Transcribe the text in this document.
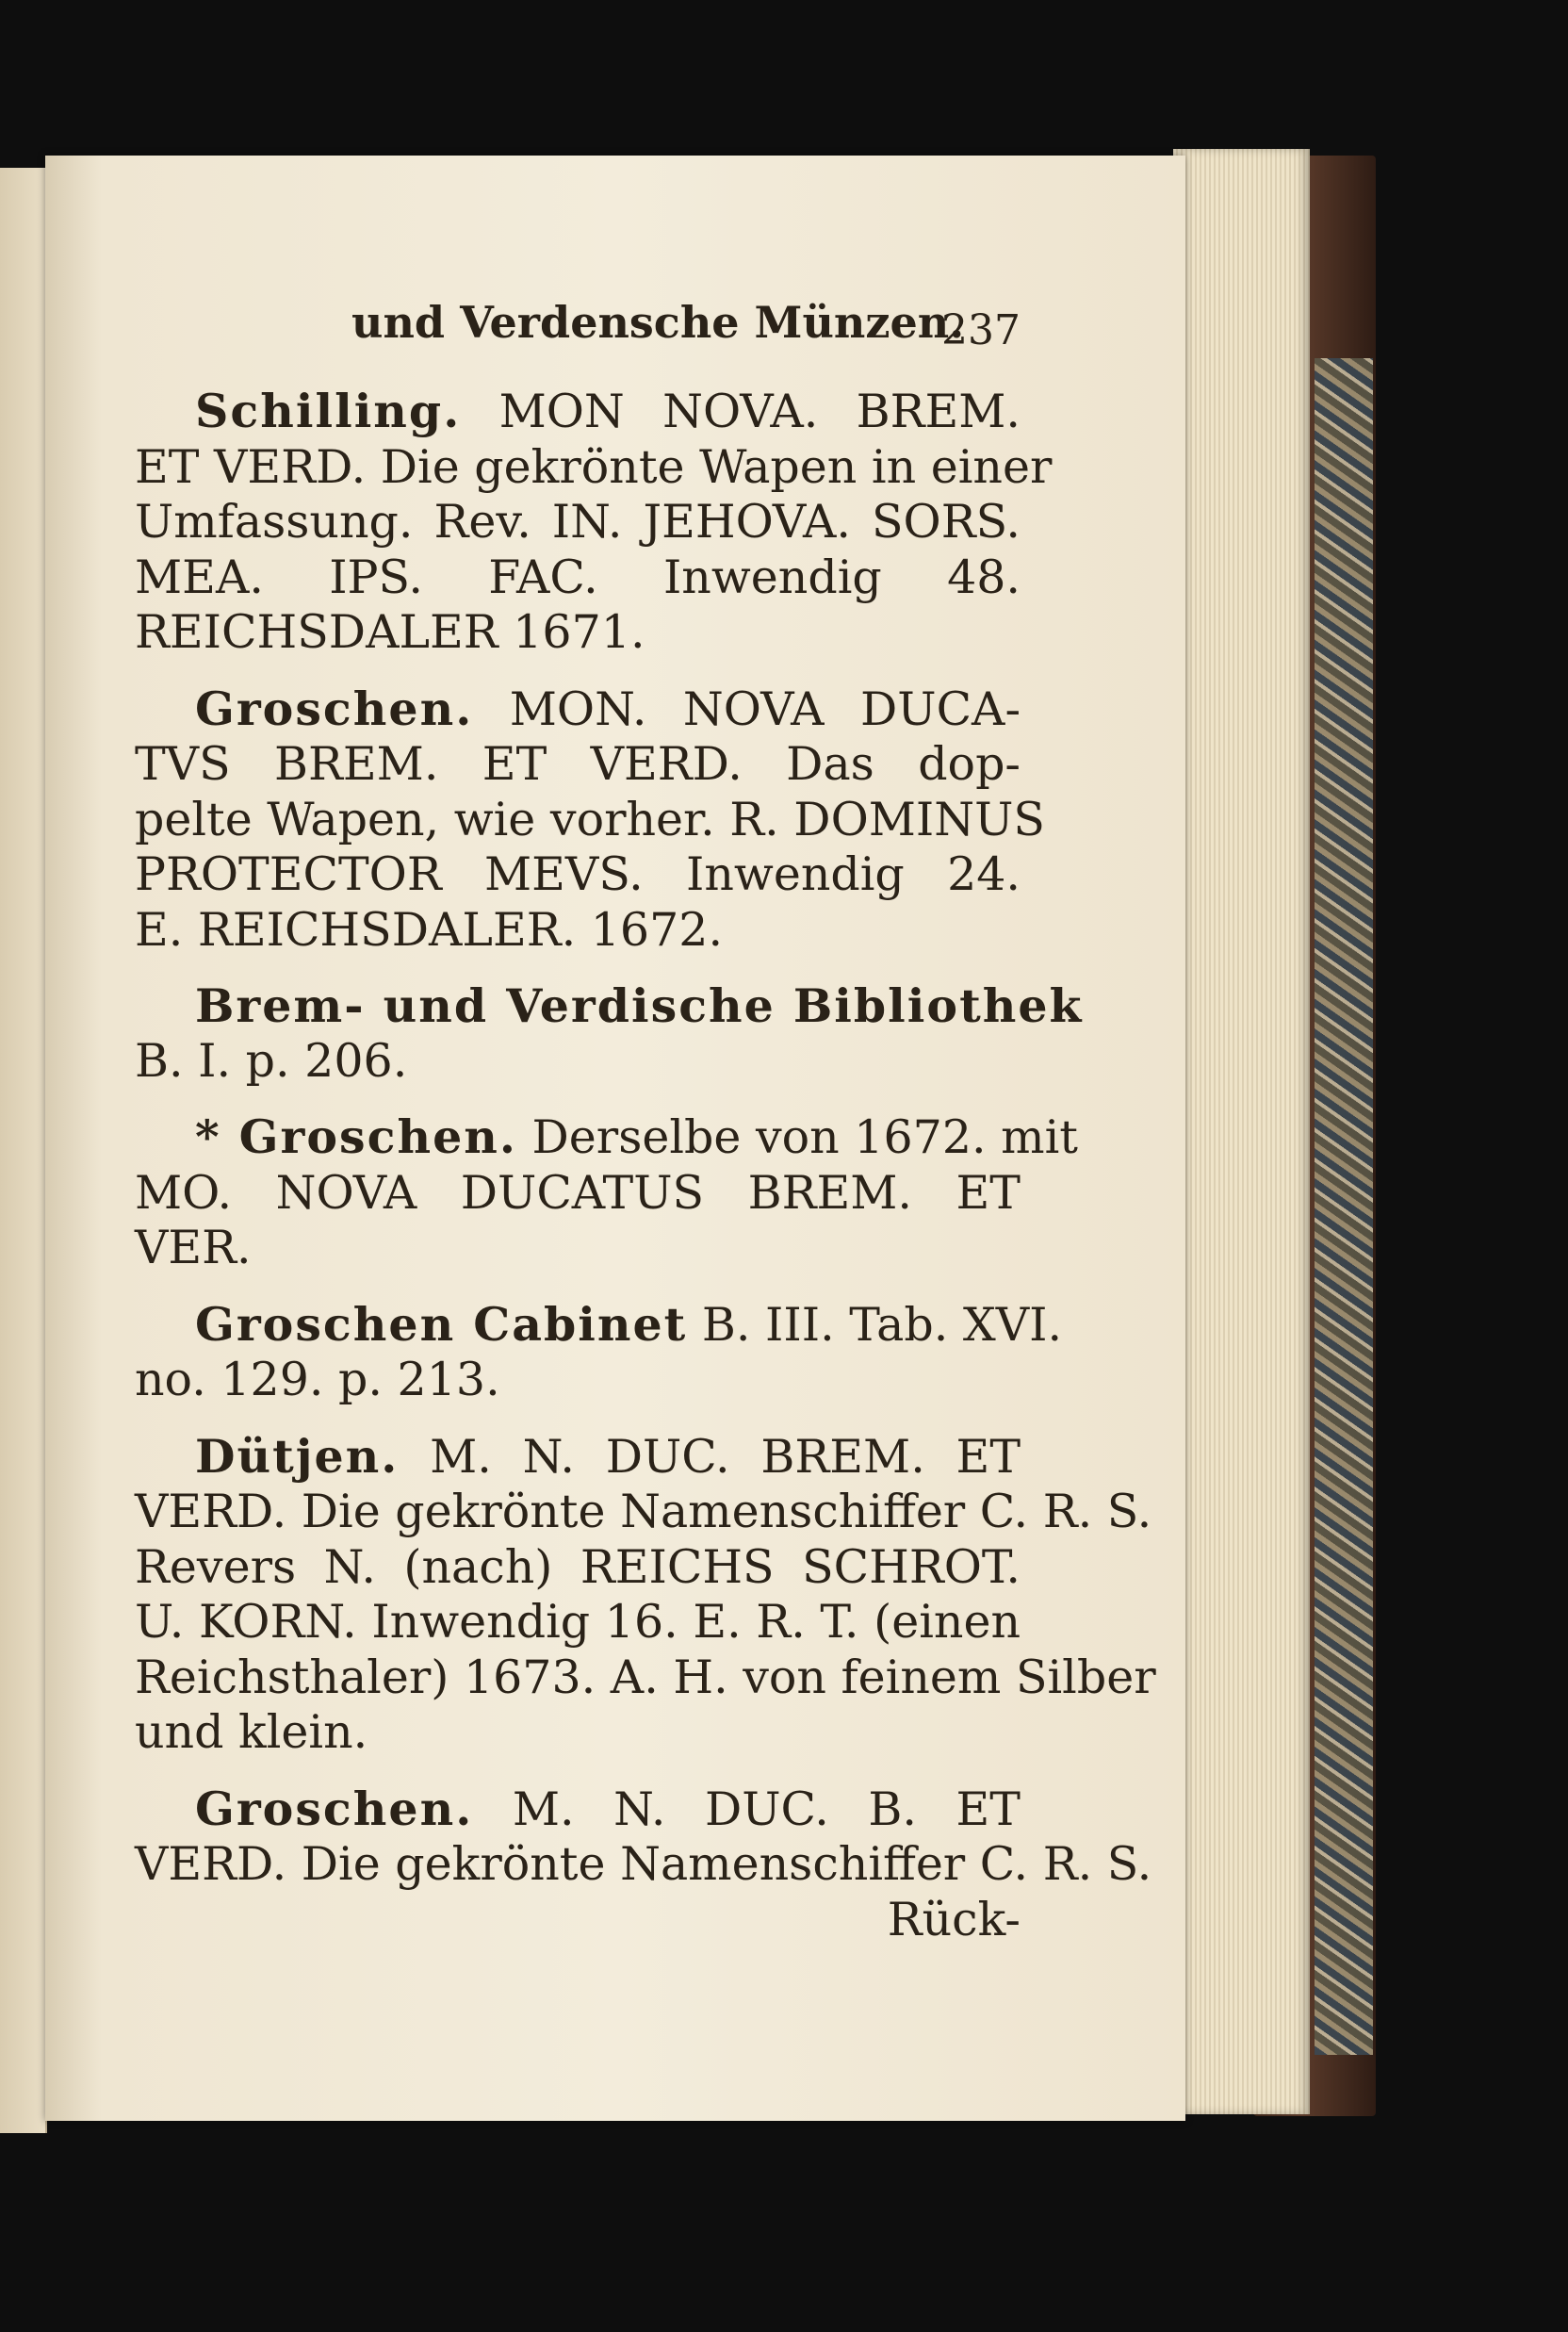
und Verdensche Münzen.
237
Schilling. MON NOVA. BREM.
ET VERD. Die gekrönte Wapen in einer
Umfassung. Rev. IN. JEHOVA. SORS.
MEA. IPS. FAC. Inwendig 48.
REICHSDALER 1671.
Groschen. MON. NOVA DUCA-
TVS BREM. ET VERD. Das dop-
pelte Wapen, wie vorher. R. DOMINUS
PROTECTOR MEVS. Inwendig 24.
E. REICHSDALER. 1672.
Brem- und Verdische Bibliothek
B. I. p. 206.
* Groschen. Derselbe von 1672. mit
MO. NOVA DUCATUS BREM. ET
VER.
Groschen Cabinet B. III. Tab. XVI.
no. 129. p. 213.
Dütjen. M. N. DUC. BREM. ET
VERD. Die gekrönte Namenschiffer C. R. S.
Revers N. (nach) REICHS SCHROT.
U. KORN. Inwendig 16. E. R. T. (einen
Reichsthaler) 1673. A. H. von feinem Silber
und klein.
Groschen. M. N. DUC. B. ET
VERD. Die gekrönte Namenschiffer C. R. S.
Rück-
